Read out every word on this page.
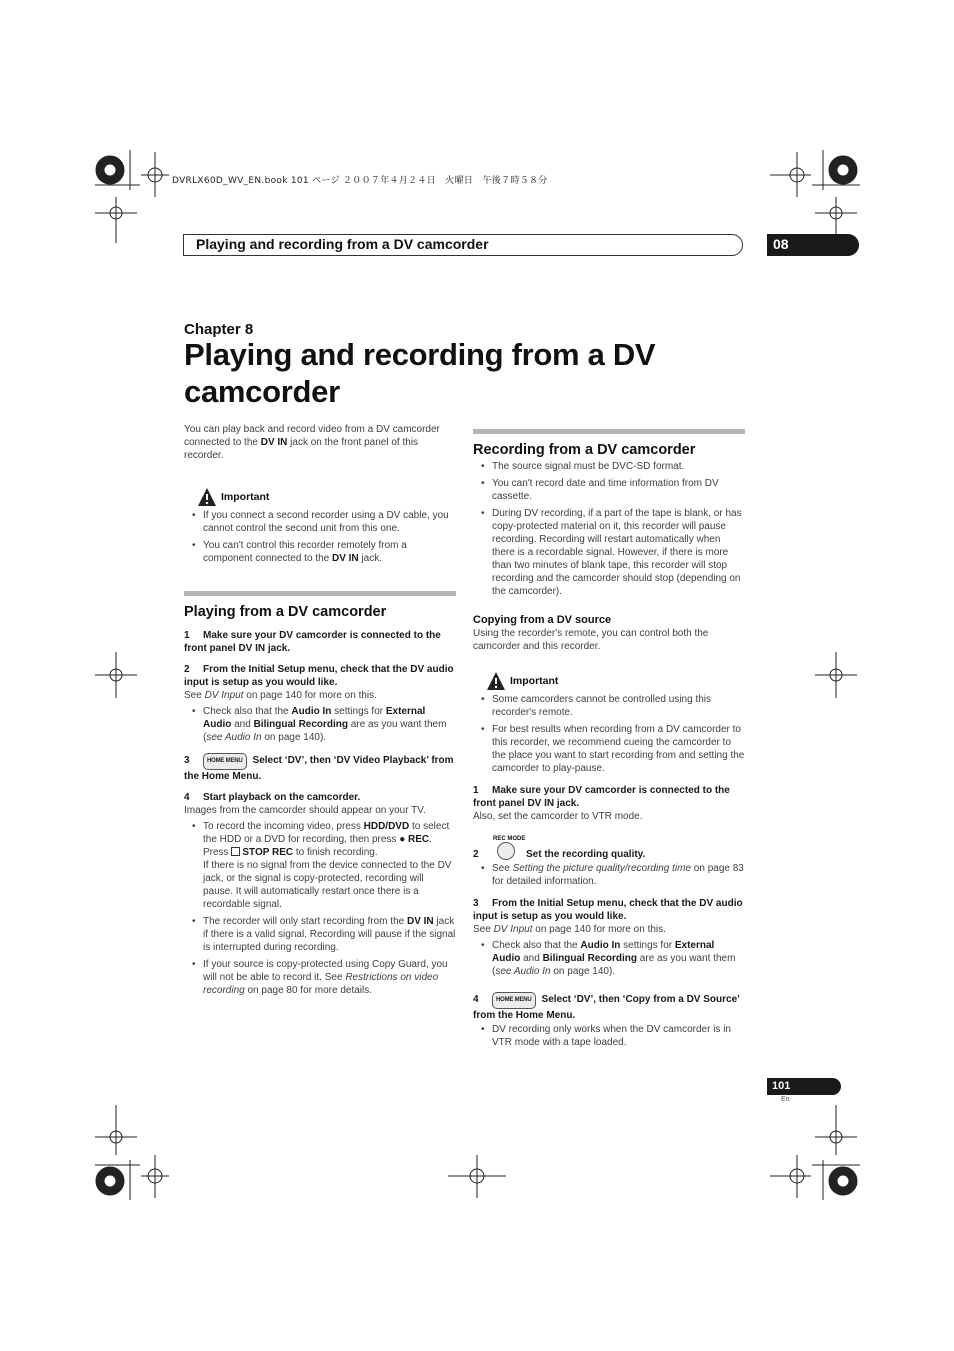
DVRLX60D_WV_EN.book 101 ページ ２００７年４月２４日　火曜日　午後７時５８分
Playing and recording from a DV camcorder	08
Chapter 8
Playing and recording from a DV camcorder

You can play back and record video from a DV camcorder connected to the DV IN jack on the front panel of this recorder.

Important
• If you connect a second recorder using a DV cable, you cannot control the second unit from this one.
• You can't control this recorder remotely from a component connected to the DV IN jack.
Playing from a DV camcorder

1 Make sure your DV camcorder is connected to the front panel DV IN jack.

2 From the Initial Setup menu, check that the DV audio input is setup as you would like.

See DV Input on page 140 for more on this.

• Check also that the Audio In settings for External Audio and Bilingual Recording are as you want them (see Audio In on page 140).

3	HOME MENU Select ‘DV’, then ‘DV Video Playback’ from the Home Menu.

4 Start playback on the camcorder.

Images from the camcorder should appear on your TV.

• To record the incoming video, press HDD/DVD to select the HDD or a DVD for recording, then press ● REC. Press STOP REC to finish recording.
If there is no signal from the device connected to the DV jack, or the signal is copy-protected, recording will pause. It will automatically restart once there is a recordable signal.
• The recorder will only start recording from the DV IN jack if there is a valid signal. Recording will pause if the signal is interrupted during recording.
• If your source is copy-protected using Copy Guard, you will not be able to record it. See Restrictions on video recording on page 80 for more details.
Recording from a DV camcorder
• The source signal must be DVC-SD format.
• You can't record date and time information from DV cassette.
• During DV recording, if a part of the tape is blank, or has copy-protected material on it, this recorder will pause recording. Recording will restart automatically when there is a recordable signal. However, if there is more than two minutes of blank tape, this recorder will stop recording and the camcorder should stop (depending on the camcorder).
Copying from a DV source

Using the recorder's remote, you can control both the camcorder and this recorder.

Important
• Some camcorders cannot be controlled using this recorder's remote.
• For best results when recording from a DV camcorder to this recorder, we recommend cueing the camcorder to the place you want to start recording from and setting the camcorder to play-pause.

1 Make sure your DV camcorder is connected to the front panel DV IN jack.

Also, set the camcorder to VTR mode.

REC MODE
2	Set the recording quality.
• See Setting the picture quality/recording time on page 83 for detailed information.

3 From the Initial Setup menu, check that the DV audio input is setup as you would like.

See DV Input on page 140 for more on this.

• Check also that the Audio In settings for External Audio and Bilingual Recording are as you want them (see Audio In on page 140).

4	HOME MENU Select ‘DV’, then ‘Copy from a DV Source’ from the Home Menu.

• DV recording only works when the DV camcorder is in VTR mode with a tape loaded.
101
En
